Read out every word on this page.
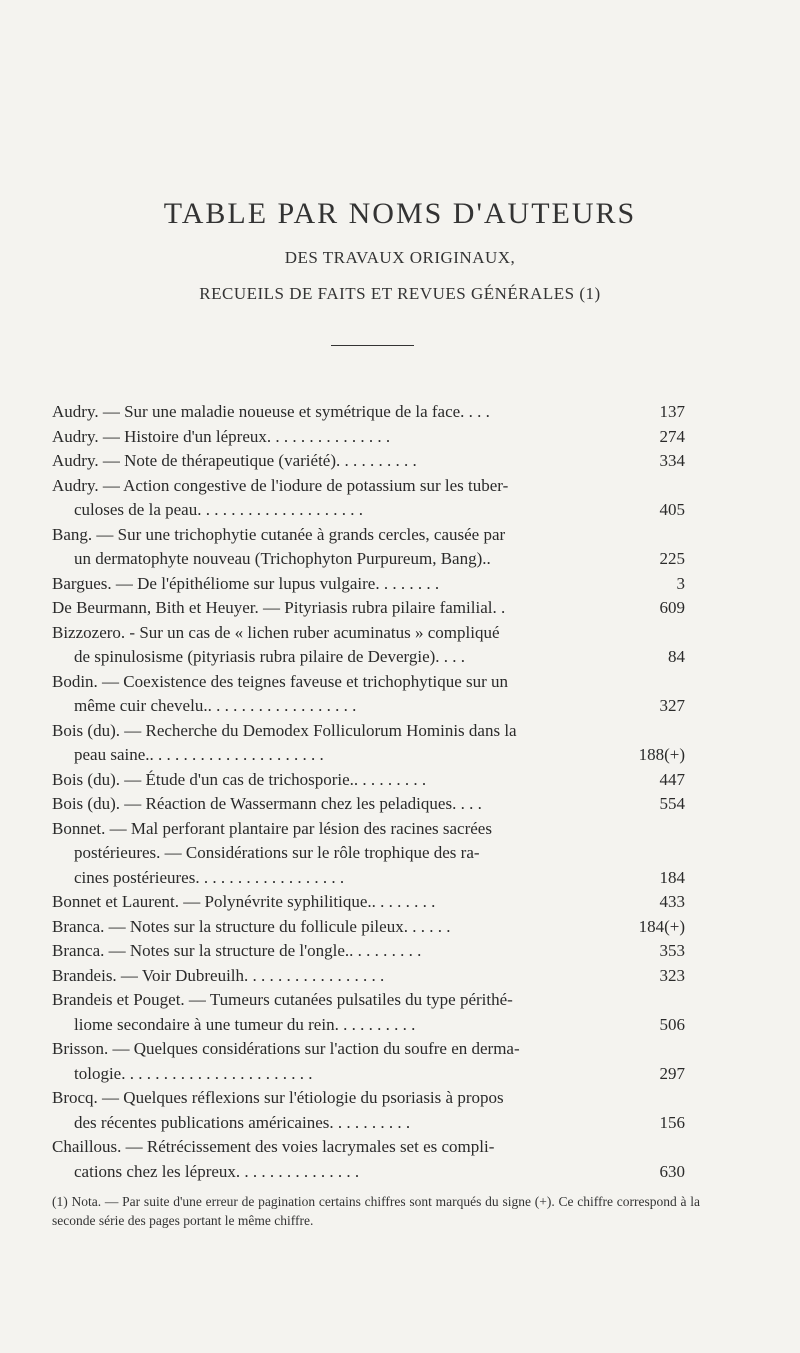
TABLE PAR NOMS D'AUTEURS
DES TRAVAUX ORIGINAUX,
RECUEILS DE FAITS ET REVUES GÉNÉRALES (1)
Audry. — Sur une maladie noueuse et symétrique de la face. . . .	137
Audry. — Histoire d'un lépreux. . . . . . . . . . . . . . .	274
Audry. — Note de thérapeutique (variété). . . . . . . . . .	334
Audry. — Action congestive de l'iodure de potassium sur les tuber-
culoses de la peau. . . . . . . . . . . . . . . . . . . .	405
Bang. — Sur une trichophytie cutanée à grands cercles, causée par
un dermatophyte nouveau (Trichophyton Purpureum, Bang)..	225
Bargues. — De l'épithéliome sur lupus vulgaire. . . . . . . .	3
De Beurmann, Bith et Heuyer. — Pityriasis rubra pilaire familial. .	609
Bizzozero. - Sur un cas de « lichen ruber acuminatus » compliqué
de spinulosisme (pityriasis rubra pilaire de Devergie). . . .	84
Bodin. — Coexistence des teignes faveuse et trichophytique sur un
même cuir chevelu.. . . . . . . . . . . . . . . . . .	327
Bois (du). — Recherche du Demodex Folliculorum Hominis dans la
peau saine.. . . . . . . . . . . . . . . . . . . . .	188(+)
Bois (du). — Étude d'un cas de trichosporie.. . . . . . . . .	447
Bois (du). — Réaction de Wassermann chez les peladiques. . . .	554
Bonnet. — Mal perforant plantaire par lésion des racines sacrées
postérieures. — Considérations sur le rôle trophique des ra-
cines postérieures. . . . . . . . . . . . . . . . . .	184
Bonnet et Laurent. — Polynévrite syphilitique.. . . . . . . .	433
Branca. — Notes sur la structure du follicule pileux. . . . . .	184(+)
Branca. — Notes sur la structure de l'ongle.. . . . . . . . .	353
Brandeis. — Voir Dubreuilh. . . . . . . . . . . . . . . . .	323
Brandeis et Pouget. — Tumeurs cutanées pulsatiles du type périthé-
liome secondaire à une tumeur du rein. . . . . . . . . .	506
Brisson. — Quelques considérations sur l'action du soufre en derma-
tologie. . . . . . . . . . . . . . . . . . . . . . .	297
Brocq. — Quelques réflexions sur l'étiologie du psoriasis à propos
des récentes publications américaines. . . . . . . . . .	156
Chaillous. — Rétrécissement des voies lacrymales set es compli-
cations chez les lépreux. . . . . . . . . . . . . . .	630
(1) Nota. — Par suite d'une erreur de pagination certains chiffres sont marqués du signe (+). Ce chiffre correspond à la seconde série des pages portant le même chiffre.
